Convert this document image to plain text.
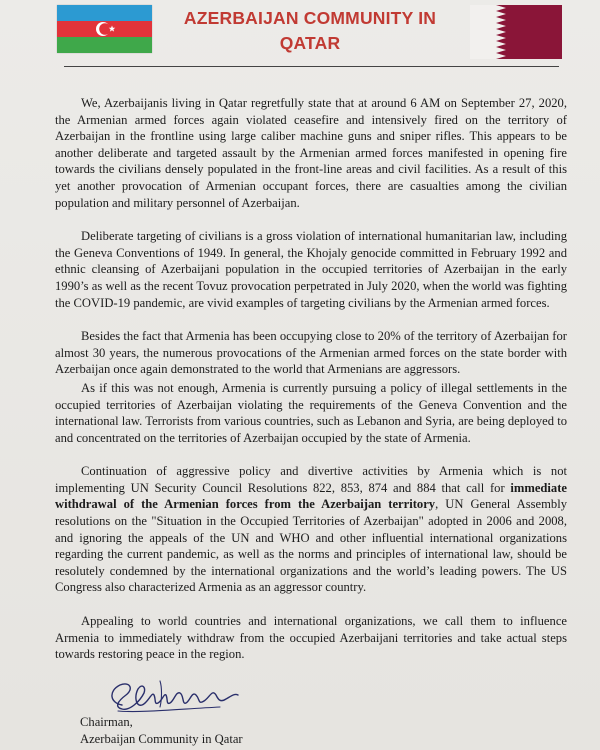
AZERBAIJAN COMMUNITY IN
QATAR

We, Azerbaijanis living in Qatar regretfully state that at around 6 AM on September 27, 2020, the Armenian armed forces again violated ceasefire and intensively fired on the territory of Azerbaijan in the frontline using large caliber machine guns and sniper rifles. This appears to be another deliberate and targeted assault by the Armenian armed forces manifested in opening fire towards the civilians densely populated in the front-line areas and civil facilities. As a result of this yet another provocation of Armenian occupant forces, there are casualties among the civilian population and military personnel of Azerbaijan.

Deliberate targeting of civilians is a gross violation of international humanitarian law, including the Geneva Conventions of 1949. In general, the Khojaly genocide committed in February 1992 and ethnic cleansing of Azerbaijani population in the occupied territories of Azerbaijan in the early 1990’s as well as the recent Tovuz provocation perpetrated in July 2020, when the world was fighting the COVID-19 pandemic, are vivid examples of targeting civilians by the Armenian armed forces.

Besides the fact that Armenia has been occupying close to 20% of the territory of Azerbaijan for almost 30 years, the numerous provocations of the Armenian armed forces on the state border with Azerbaijan once again demonstrated to the world that Armenians are aggressors.

As if this was not enough, Armenia is currently pursuing a policy of illegal settlements in the occupied territories of Azerbaijan violating the requirements of the Geneva Convention and the international law. Terrorists from various countries, such as Lebanon and Syria, are being deployed to and concentrated on the territories of Azerbaijan occupied by the state of Armenia.

Continuation of aggressive policy and divertive activities by Armenia which is not implementing UN Security Council Resolutions 822, 853, 874 and 884 that call for immediate withdrawal of the Armenian forces from the Azerbaijan territory, UN General Assembly resolutions on the "Situation in the Occupied Territories of Azerbaijan" adopted in 2006 and 2008, and ignoring the appeals of the UN and WHO and other influential international organizations regarding the current pandemic, as well as the norms and principles of international law, should be resolutely condemned by the international organizations and the world’s leading powers. The US Congress also characterized Armenia as an aggressor country.

Appealing to world countries and international organizations, we call them to influence Armenia to immediately withdraw from the occupied Azerbaijani territories and take actual steps towards restoring peace in the region.

Chairman,
Azerbaijan Community in Qatar
